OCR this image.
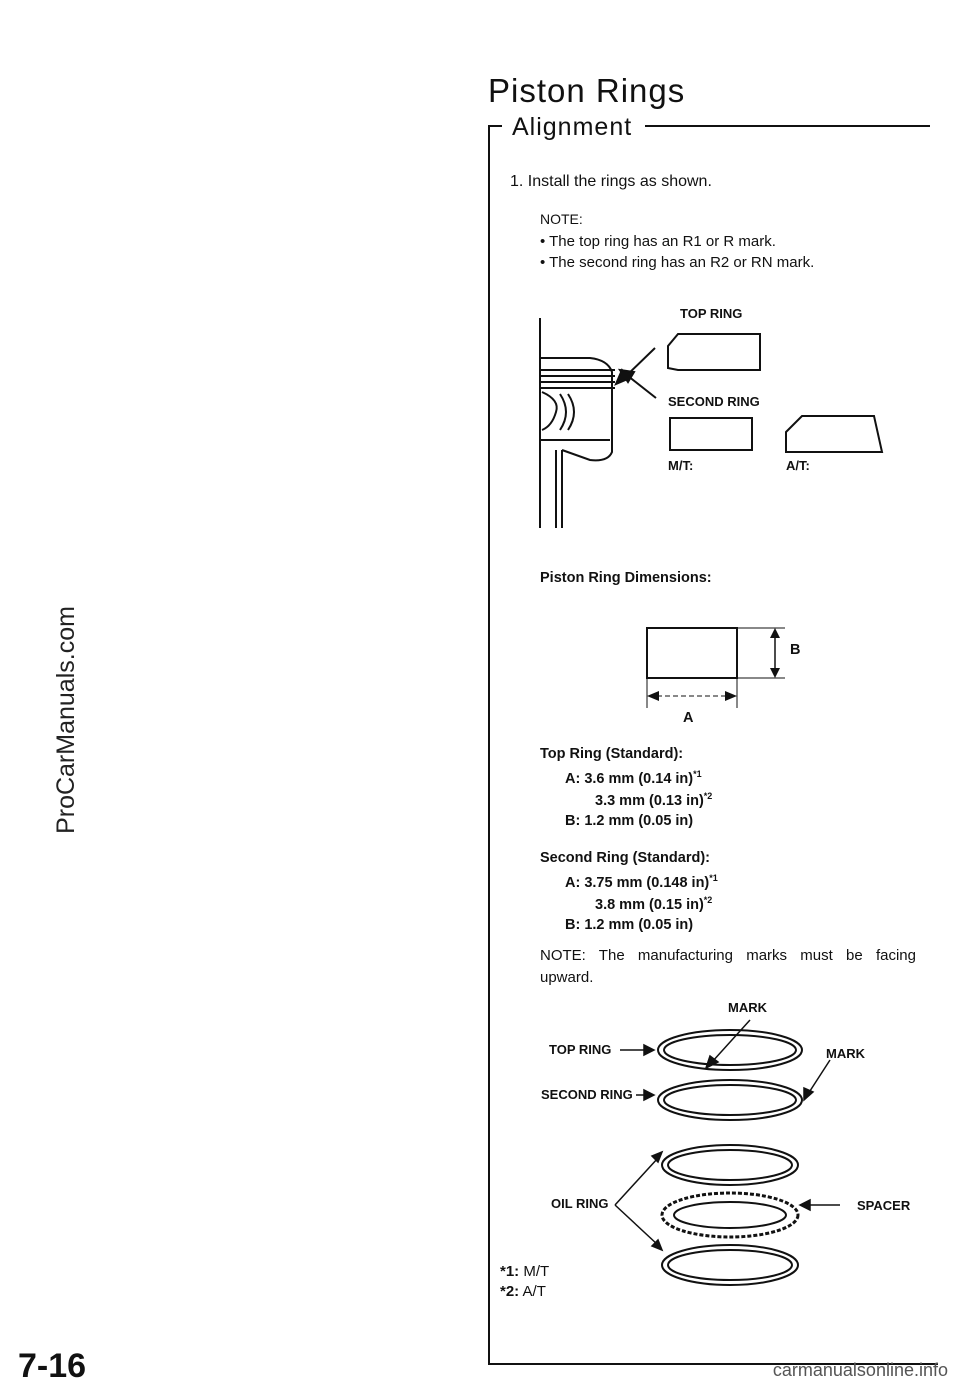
Piston Rings
Alignment
1. Install the rings as shown.
NOTE:
• The top ring has an R1 or R mark.
• The second ring has an R2 or RN mark.
TOP RING
SECOND RING
M/T:	A/T:
Piston Ring Dimensions:
B
A
Top Ring (Standard):
A: 3.6 mm (0.14 in)$^{*1}$
3.3 mm (0.13 in)$^{*2}$
B: 1.2 mm (0.05 in)
Second Ring (Standard):
A: 3.75 mm (0.148 in)$^{*1}$
3.8 mm (0.15 in)$^{*2}$
B: 1.2 mm (0.05 in)
NOTE: The manufacturing marks must be facing upward.
MARK
MARK
TOP RING
SECOND RING
OIL RING	SPACER
*1: M/T
*2: A/T
7-16
ProCarManuals.com
carmanualsonline.info
